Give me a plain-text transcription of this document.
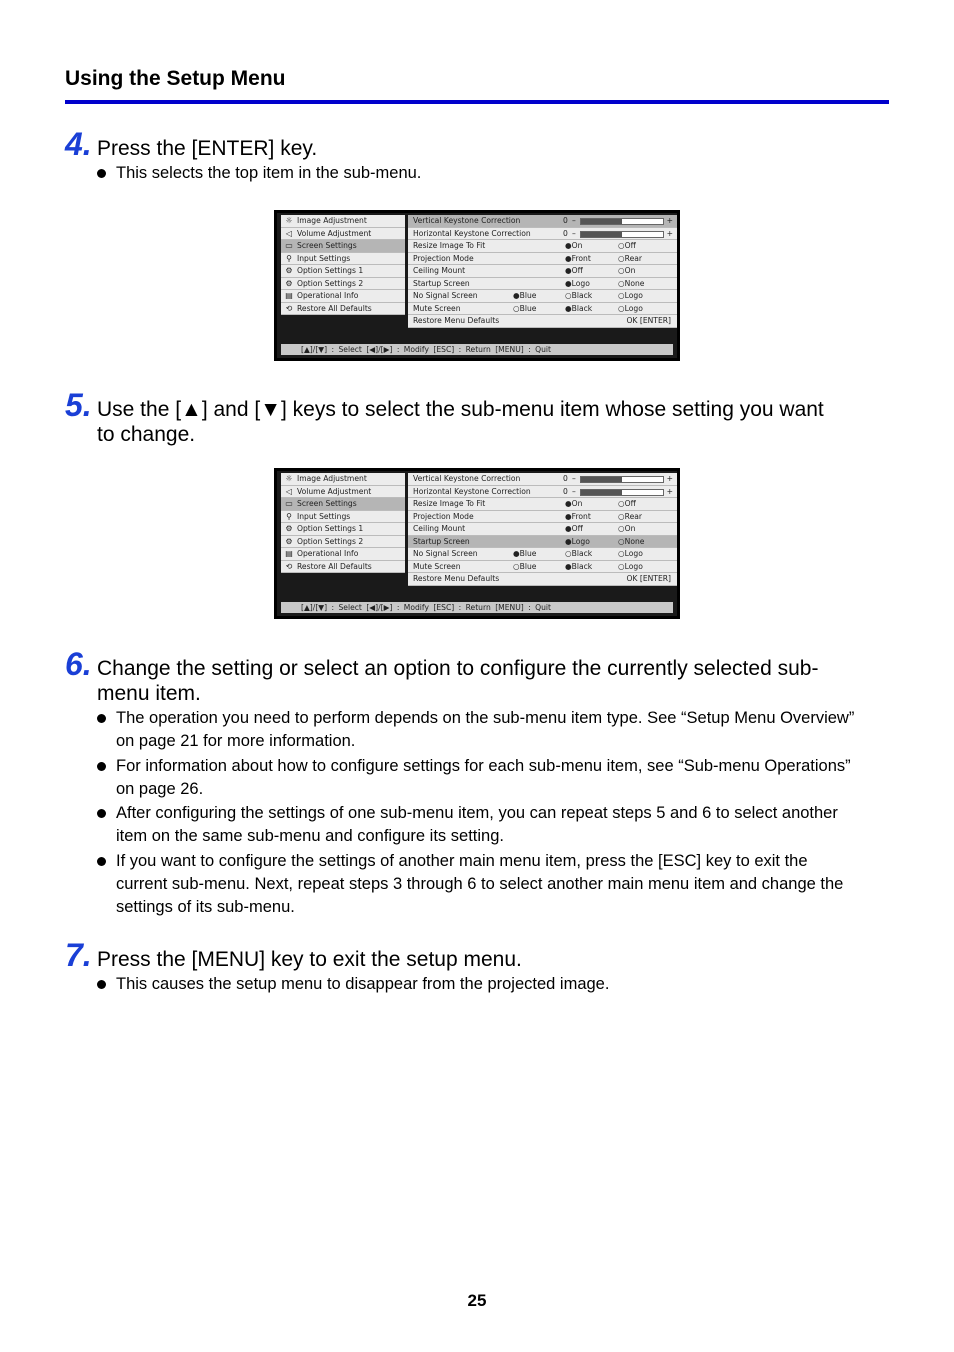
Using the Setup Menu
4. Press the [ENTER] key.
This selects the top item in the sub-menu.
☼ Image Adjustment
◁ Volume Adjustment
▭ Screen Settings
⚲ Input Settings
⚙ Option Settings 1
⚙ Option Settings 2
▤ Operational Info
⟲ Restore All Defaults
Vertical Keystone Correction	0 –	+
Horizontal Keystone Correction	0 –	+
Resize Image To Fit	●On	○Off
Projection Mode	●Front	○Rear
Ceiling Mount	●Off	○On
Startup Screen	●Logo	○None
No Signal Screen	●Blue	○Black	○Logo
Mute Screen	○Blue	●Black	○Logo
Restore Menu Defaults	OK [ENTER]
[▲]/[▼] : Select [◀]/[▶] : Modify [ESC] : Return [MENU] : Quit
5. Use the [▲] and [▼] keys to select the sub-menu item whose setting you want to change.
☼ Image Adjustment
◁ Volume Adjustment
▭ Screen Settings
⚲ Input Settings
⚙ Option Settings 1
⚙ Option Settings 2
▤ Operational Info
⟲ Restore All Defaults
Vertical Keystone Correction	0 –	+
Horizontal Keystone Correction	0 –	+
Resize Image To Fit	●On	○Off
Projection Mode	●Front	○Rear
Ceiling Mount	●Off	○On
Startup Screen	●Logo	○None
No Signal Screen	●Blue	○Black	○Logo
Mute Screen	○Blue	●Black	○Logo
Restore Menu Defaults	OK [ENTER]
[▲]/[▼] : Select [◀]/[▶] : Modify [ESC] : Return [MENU] : Quit
6. Change the setting or select an option to configure the currently selected sub-menu item.
The operation you need to perform depends on the sub-menu item type. See “Setup Menu Overview” on page 21 for more information.
For information about how to configure settings for each sub-menu item, see “Sub-menu Operations” on page 26.
After configuring the settings of one sub-menu item, you can repeat steps 5 and 6 to select another item on the same sub-menu and configure its setting.
If you want to configure the settings of another main menu item, press the [ESC] key to exit the current sub-menu. Next, repeat steps 3 through 6 to select another main menu item and change the settings of its sub-menu.
7. Press the [MENU] key to exit the setup menu.
This causes the setup menu to disappear from the projected image.
25
